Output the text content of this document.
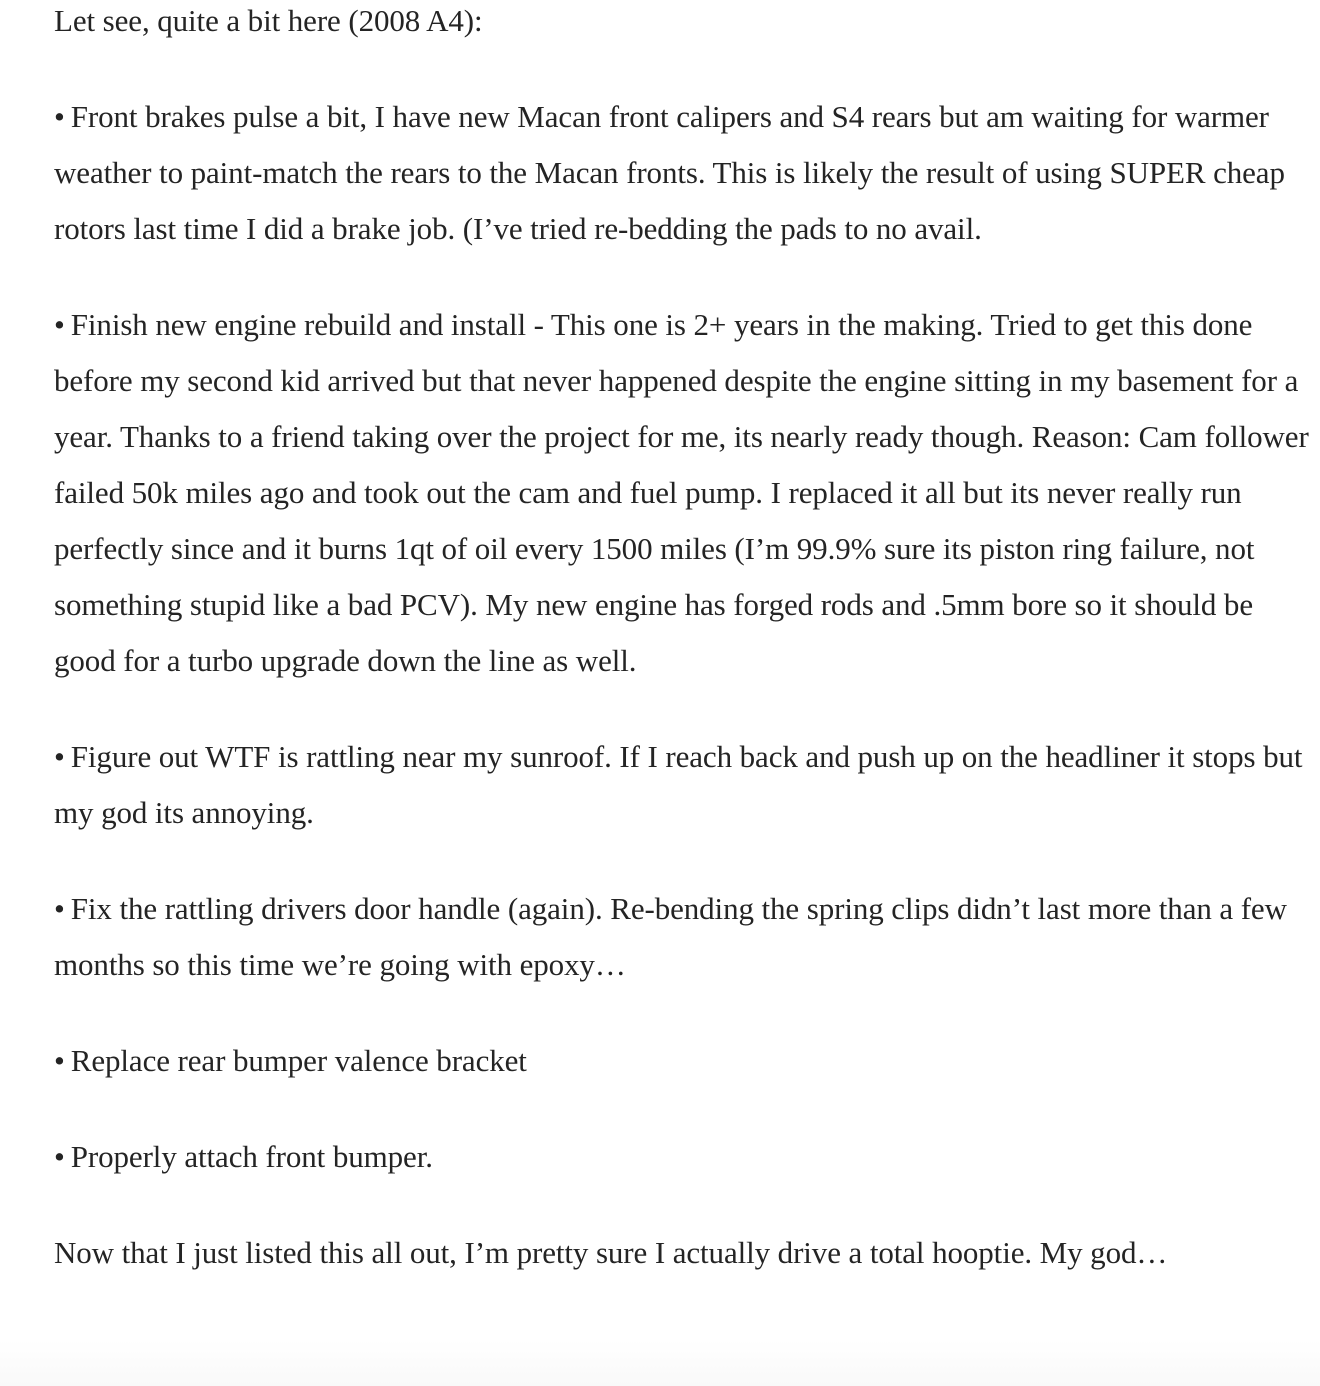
Let see, quite a bit here (2008 A4):

• Front brakes pulse a bit, I have new Macan front calipers and S4 rears but am waiting for warmer weather to paint-match the rears to the Macan fronts. This is likely the result of using SUPER cheap rotors last time I did a brake job. (I’ve tried re-bedding the pads to no avail.

• Finish new engine rebuild and install - This one is 2+ years in the making. Tried to get this done before my second kid arrived but that never happened despite the engine sitting in my basement for a year. Thanks to a friend taking over the project for me, its nearly ready though. Reason: Cam follower failed 50k miles ago and took out the cam and fuel pump. I replaced it all but its never really run perfectly since and it burns 1qt of oil every 1500 miles (I’m 99.9% sure its piston ring failure, not something stupid like a bad PCV). My new engine has forged rods and .5mm bore so it should be good for a turbo upgrade down the line as well.

• Figure out WTF is rattling near my sunroof. If I reach back and push up on the headliner it stops but my god its annoying.

• Fix the rattling drivers door handle (again). Re-bending the spring clips didn’t last more than a few months so this time we’re going with epoxy…

• Replace rear bumper valence bracket

• Properly attach front bumper.

Now that I just listed this all out, I’m pretty sure I actually drive a total hooptie. My god…
